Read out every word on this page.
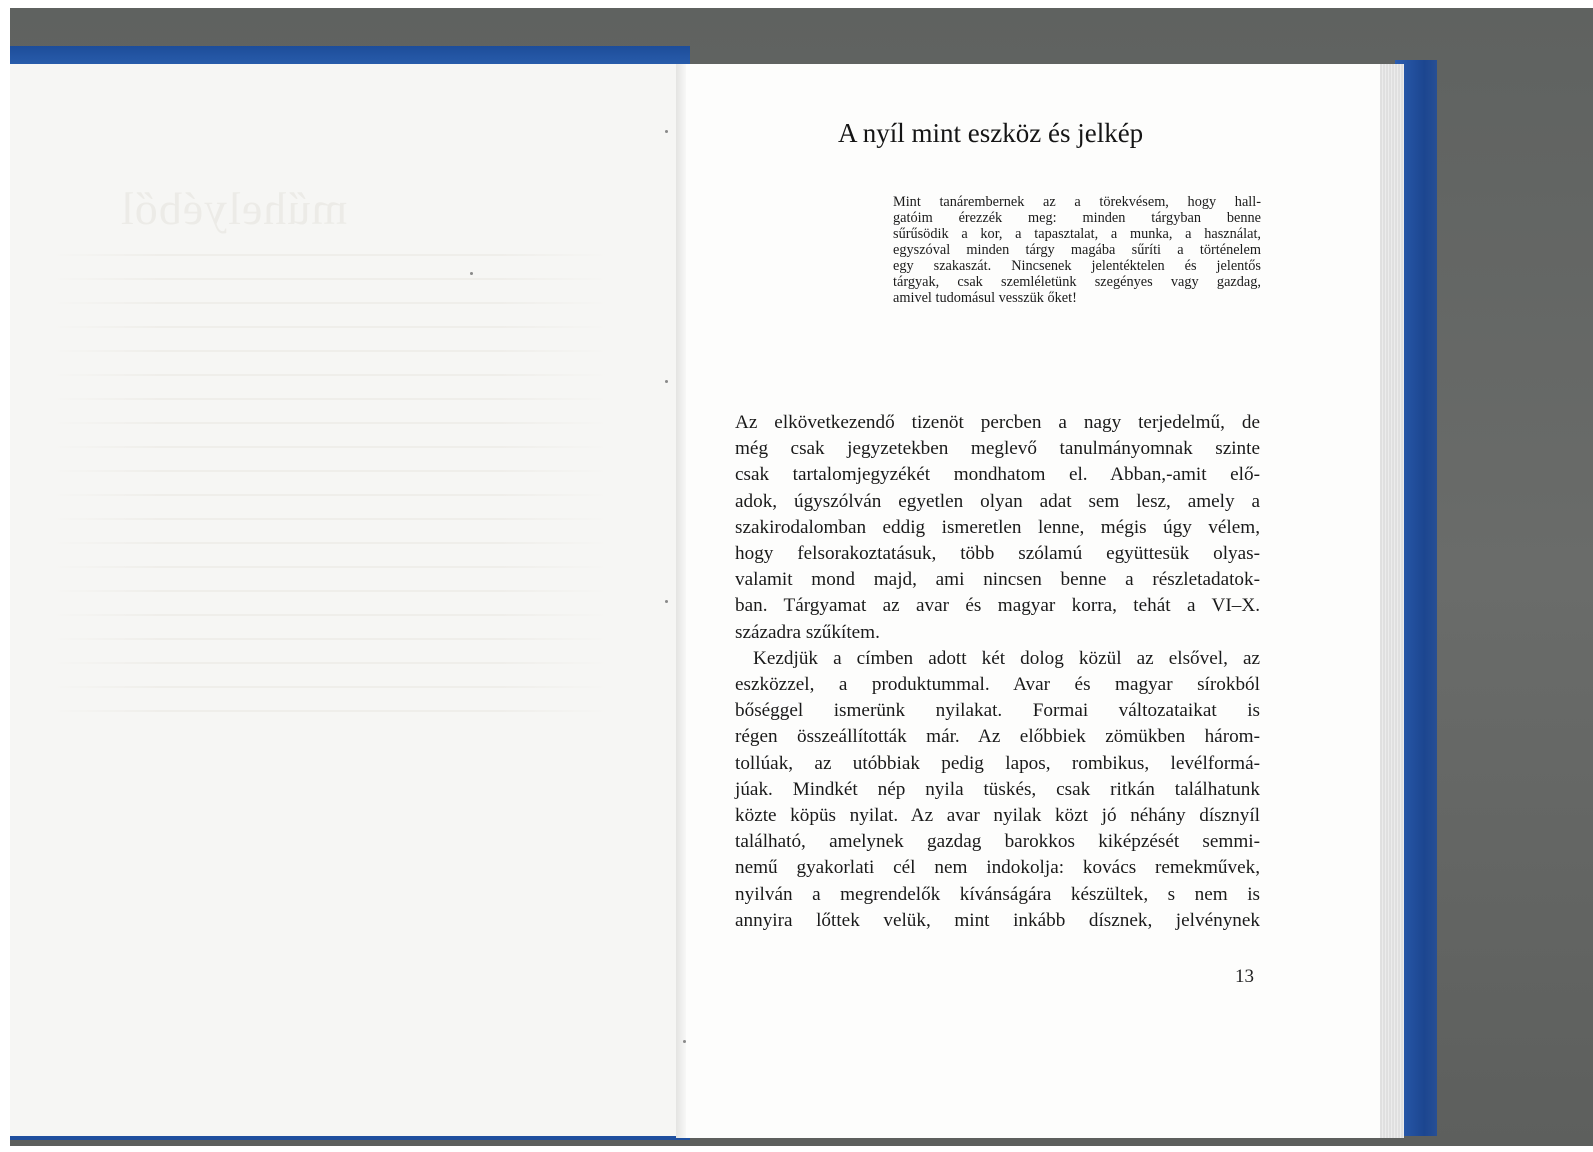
műhelyéből
A nyíl mint eszköz és jelkép
Mint tanárembernek az a törekvésem, hogy hall-
gatóim érezzék meg: minden tárgyban benne
sűrűsödik a kor, a tapasztalat, a munka, a használat,
egyszóval minden tárgy magába sűríti a történelem
egy szakaszát. Nincsenek jelentéktelen és jelentős
tárgyak, csak szemléletünk szegényes vagy gazdag,
amivel tudomásul vesszük őket!
Az elkövetkezendő tizenöt percben a nagy terjedelmű, de
még csak jegyzetekben meglevő tanulmányomnak szinte
csak tartalomjegyzékét mondhatom el. Abban,-amit elő-
adok, úgyszólván egyetlen olyan adat sem lesz, amely a
szakirodalomban eddig ismeretlen lenne, mégis úgy vélem,
hogy felsorakoztatásuk, több szólamú együttesük olyas-
valamit mond majd, ami nincsen benne a részletadatok-
ban. Tárgyamat az avar és magyar korra, tehát a VI–X.
századra szűkítem.
Kezdjük a címben adott két dolog közül az elsővel, az
eszközzel, a produktummal. Avar és magyar sírokból
bőséggel ismerünk nyilakat. Formai változataikat is
régen összeállították már. Az előbbiek zömükben három-
tollúak, az utóbbiak pedig lapos, rombikus, levélformá-
júak. Mindkét nép nyila tüskés, csak ritkán találhatunk
közte köpüs nyilat. Az avar nyilak közt jó néhány dísznyíl
található, amelynek gazdag barokkos kiképzését semmi-
nemű gyakorlati cél nem indokolja: kovács remekművek,
nyilván a megrendelők kívánságára készültek, s nem is
annyira lőttek velük, mint inkább dísznek, jelvénynek
13
